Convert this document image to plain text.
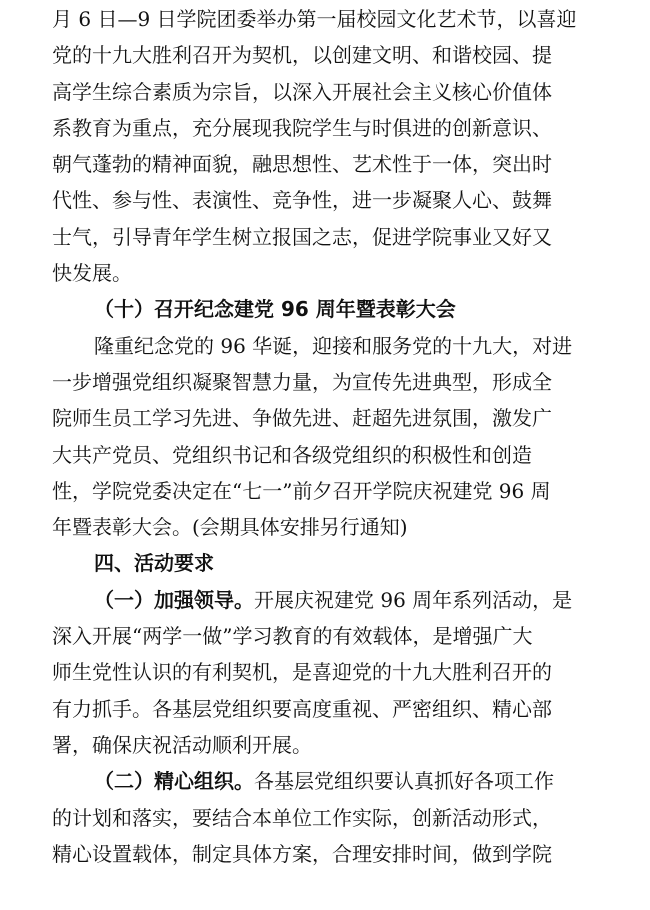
月 6 日—9 日学院团委举办第一届校园文化艺术节，以喜迎
党的十九大胜利召开为契机，以创建文明、和谐校园、提
高学生综合素质为宗旨，以深入开展社会主义核心价值体
系教育为重点，充分展现我院学生与时俱进的创新意识、
朝气蓬勃的精神面貌，融思想性、艺术性于一体，突出时
代性、参与性、表演性、竞争性，进一步凝聚人心、鼓舞
士气，引导青年学生树立报国之志，促进学院事业又好又
快发展。
（十）召开纪念建党 96 周年暨表彰大会
隆重纪念党的 96 华诞，迎接和服务党的十九大，对进
一步增强党组织凝聚智慧力量，为宣传先进典型，形成全
院师生员工学习先进、争做先进、赶超先进氛围，激发广
大共产党员、党组织书记和各级党组织的积极性和创造
性，学院党委决定在“七一”前夕召开学院庆祝建党 96 周
年暨表彰大会。(会期具体安排另行通知)
四、活动要求
（一）加强领导。开展庆祝建党 96 周年系列活动，是
深入开展“两学一做”学习教育的有效载体，是增强广大
师生党性认识的有利契机，是喜迎党的十九大胜利召开的
有力抓手。各基层党组织要高度重视、严密组织、精心部
署，确保庆祝活动顺利开展。
（二）精心组织。各基层党组织要认真抓好各项工作
的计划和落实，要结合本单位工作实际，创新活动形式，
精心设置载体，制定具体方案，合理安排时间，做到学院
